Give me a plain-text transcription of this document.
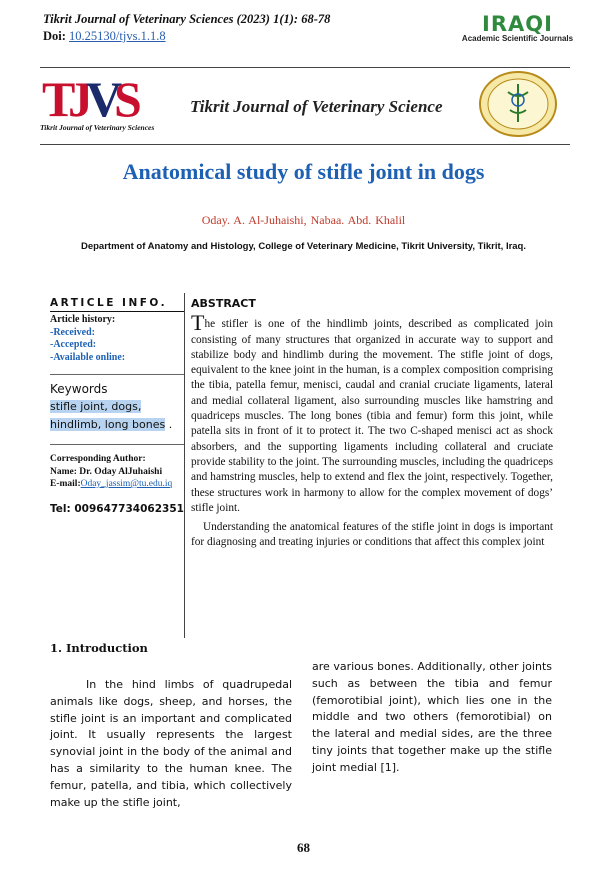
Tikrit Journal of Veterinary Sciences (2023) 1(1): 68-78
Doi: 10.25130/tjvs.1.1.8	IRAQI
Academic Scientific Journals
T
J
V
S
Tikrit Journal of Veterinary Sciences
Tikrit Journal of Veterinary Science
Anatomical study of stifle joint in dogs
Oday. A. Al-Juhaishi, Nabaa. Abd. Khalil
Department of Anatomy and Histology, College of Veterinary Medicine, Tikrit University, Tikrit, Iraq.
ARTICLE INFO.
Article history:
-Received:
-Accepted:
-Available online:
Keywords
stifle joint, dogs,
hindlimb, long bones .
Corresponding Author:
Name: Dr. Oday AlJuhaishi
E-mail:Oday_jassim@tu.edu.iq
Tel: 009647734062351
ABSTRACT

The stifler is one of the hindlimb joints, described as complicated join consisting of many structures that organized in accurate way to support and stabilize body and hindlimb during the movement. The stifle joint of dogs, equivalent to the knee joint in the human, is a complex composition comprising the tibia, patella femur, menisci, caudal and cranial cruciate ligaments, lateral and medial collateral ligament, also surrounding muscles like hamstring and quadriceps muscles. The long bones (tibia and femur) form this joint, while patella sits in front of it to protect it. The two C-shaped menisci act as shock absorbers, and the supporting ligaments including collateral and cruciate provide stability to the joint. The surrounding muscles, including the quadriceps and hamstring muscles, help to extend and flex the joint, respectively. Together, these structures work in harmony to allow for the complex movement of dogs’ stifle joint.

Understanding the anatomical features of the stifle joint in dogs is important for diagnosing and treating injuries or conditions that affect this complex joint

1. Introduction
In the hind limbs of quadrupedal animals like dogs, sheep, and horses, the stifle joint is an important and complicated joint. It usually represents the largest synovial joint in the body of the animal and has a similarity to the human knee. The femur, patella, and tibia, which collectively make up the stifle joint,
are various bones. Additionally, other joints such as between the tibia and femur (femorotibial joint), which lies one in the middle and two others (femorotibial) on the lateral and medial sides, are the three tiny joints that together make up the stifle joint medial [1].
68
